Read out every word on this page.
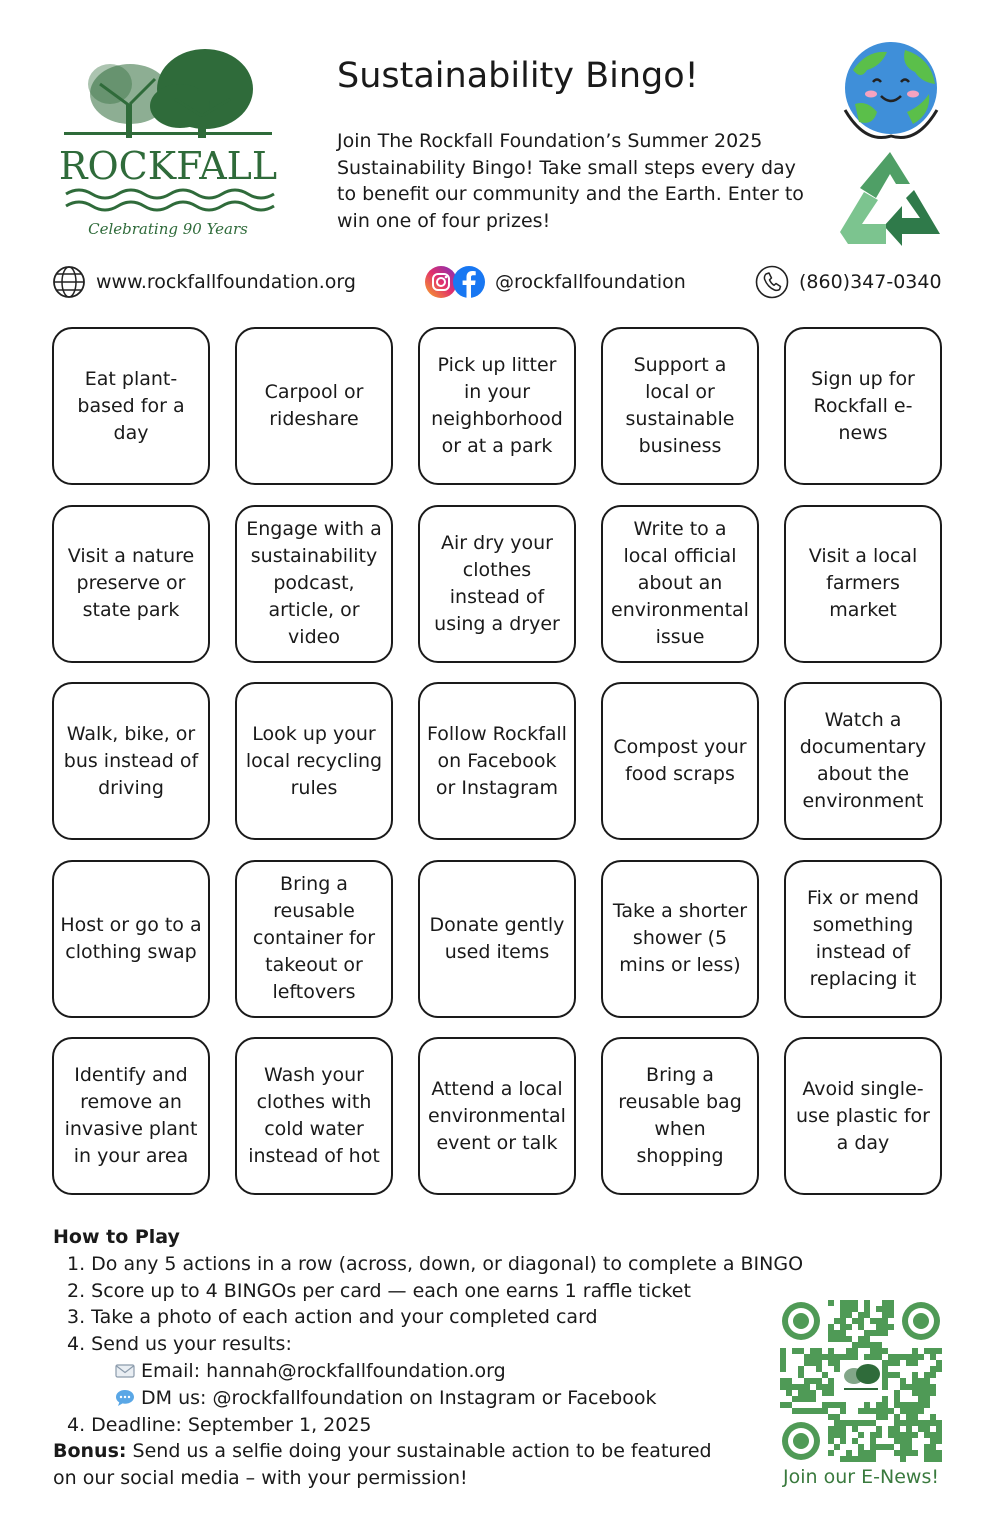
ROCKFALL
Celebrating 90 Years
Sustainability Bingo!
Join The Rockfall Foundation’s Summer 2025 Sustainability Bingo! Take small steps every day to benefit our community and the Earth. Enter to win one of four prizes!
www.rockfallfoundation.org	@rockfallfoundation	(860)347-0340
Eat plant-based for a day
Carpool or rideshare
Pick up litter in your neighborhood or at a park
Support a local or sustainable business
Sign up for Rockfall e-news
Visit a nature preserve or state park
Engage with a sustainability podcast, article, or video
Air dry your clothes instead of using a dryer
Write to a local official about an environmental issue
Visit a local farmers market
Walk, bike, or bus instead of driving
Look up your local recycling rules
Follow Rockfall on Facebook or Instagram
Compost your food scraps
Watch a documentary about the environment
Host or go to a clothing swap
Bring a reusable container for takeout or leftovers
Donate gently used items
Take a shorter shower (5 mins or less)
Fix or mend something instead of replacing it
Identify and remove an invasive plant in your area
Wash your clothes with cold water instead of hot
Attend a local environmental event or talk
Bring a reusable bag when shopping
Avoid single-use plastic for a day
How to Play
1. Do any 5 actions in a row (across, down, or diagonal) to complete a BINGO
2. Score up to 4 BINGOs per card — each one earns 1 raffle ticket
3. Take a photo of each action and your completed card
4. Send us your results:
Email: hannah@rockfallfoundation.org
DM us: @rockfallfoundation on Instagram or Facebook
4. Deadline: September 1, 2025
Bonus: Send us a selfie doing your sustainable action to be featured on our social media – with your permission!	Join our E-News!
